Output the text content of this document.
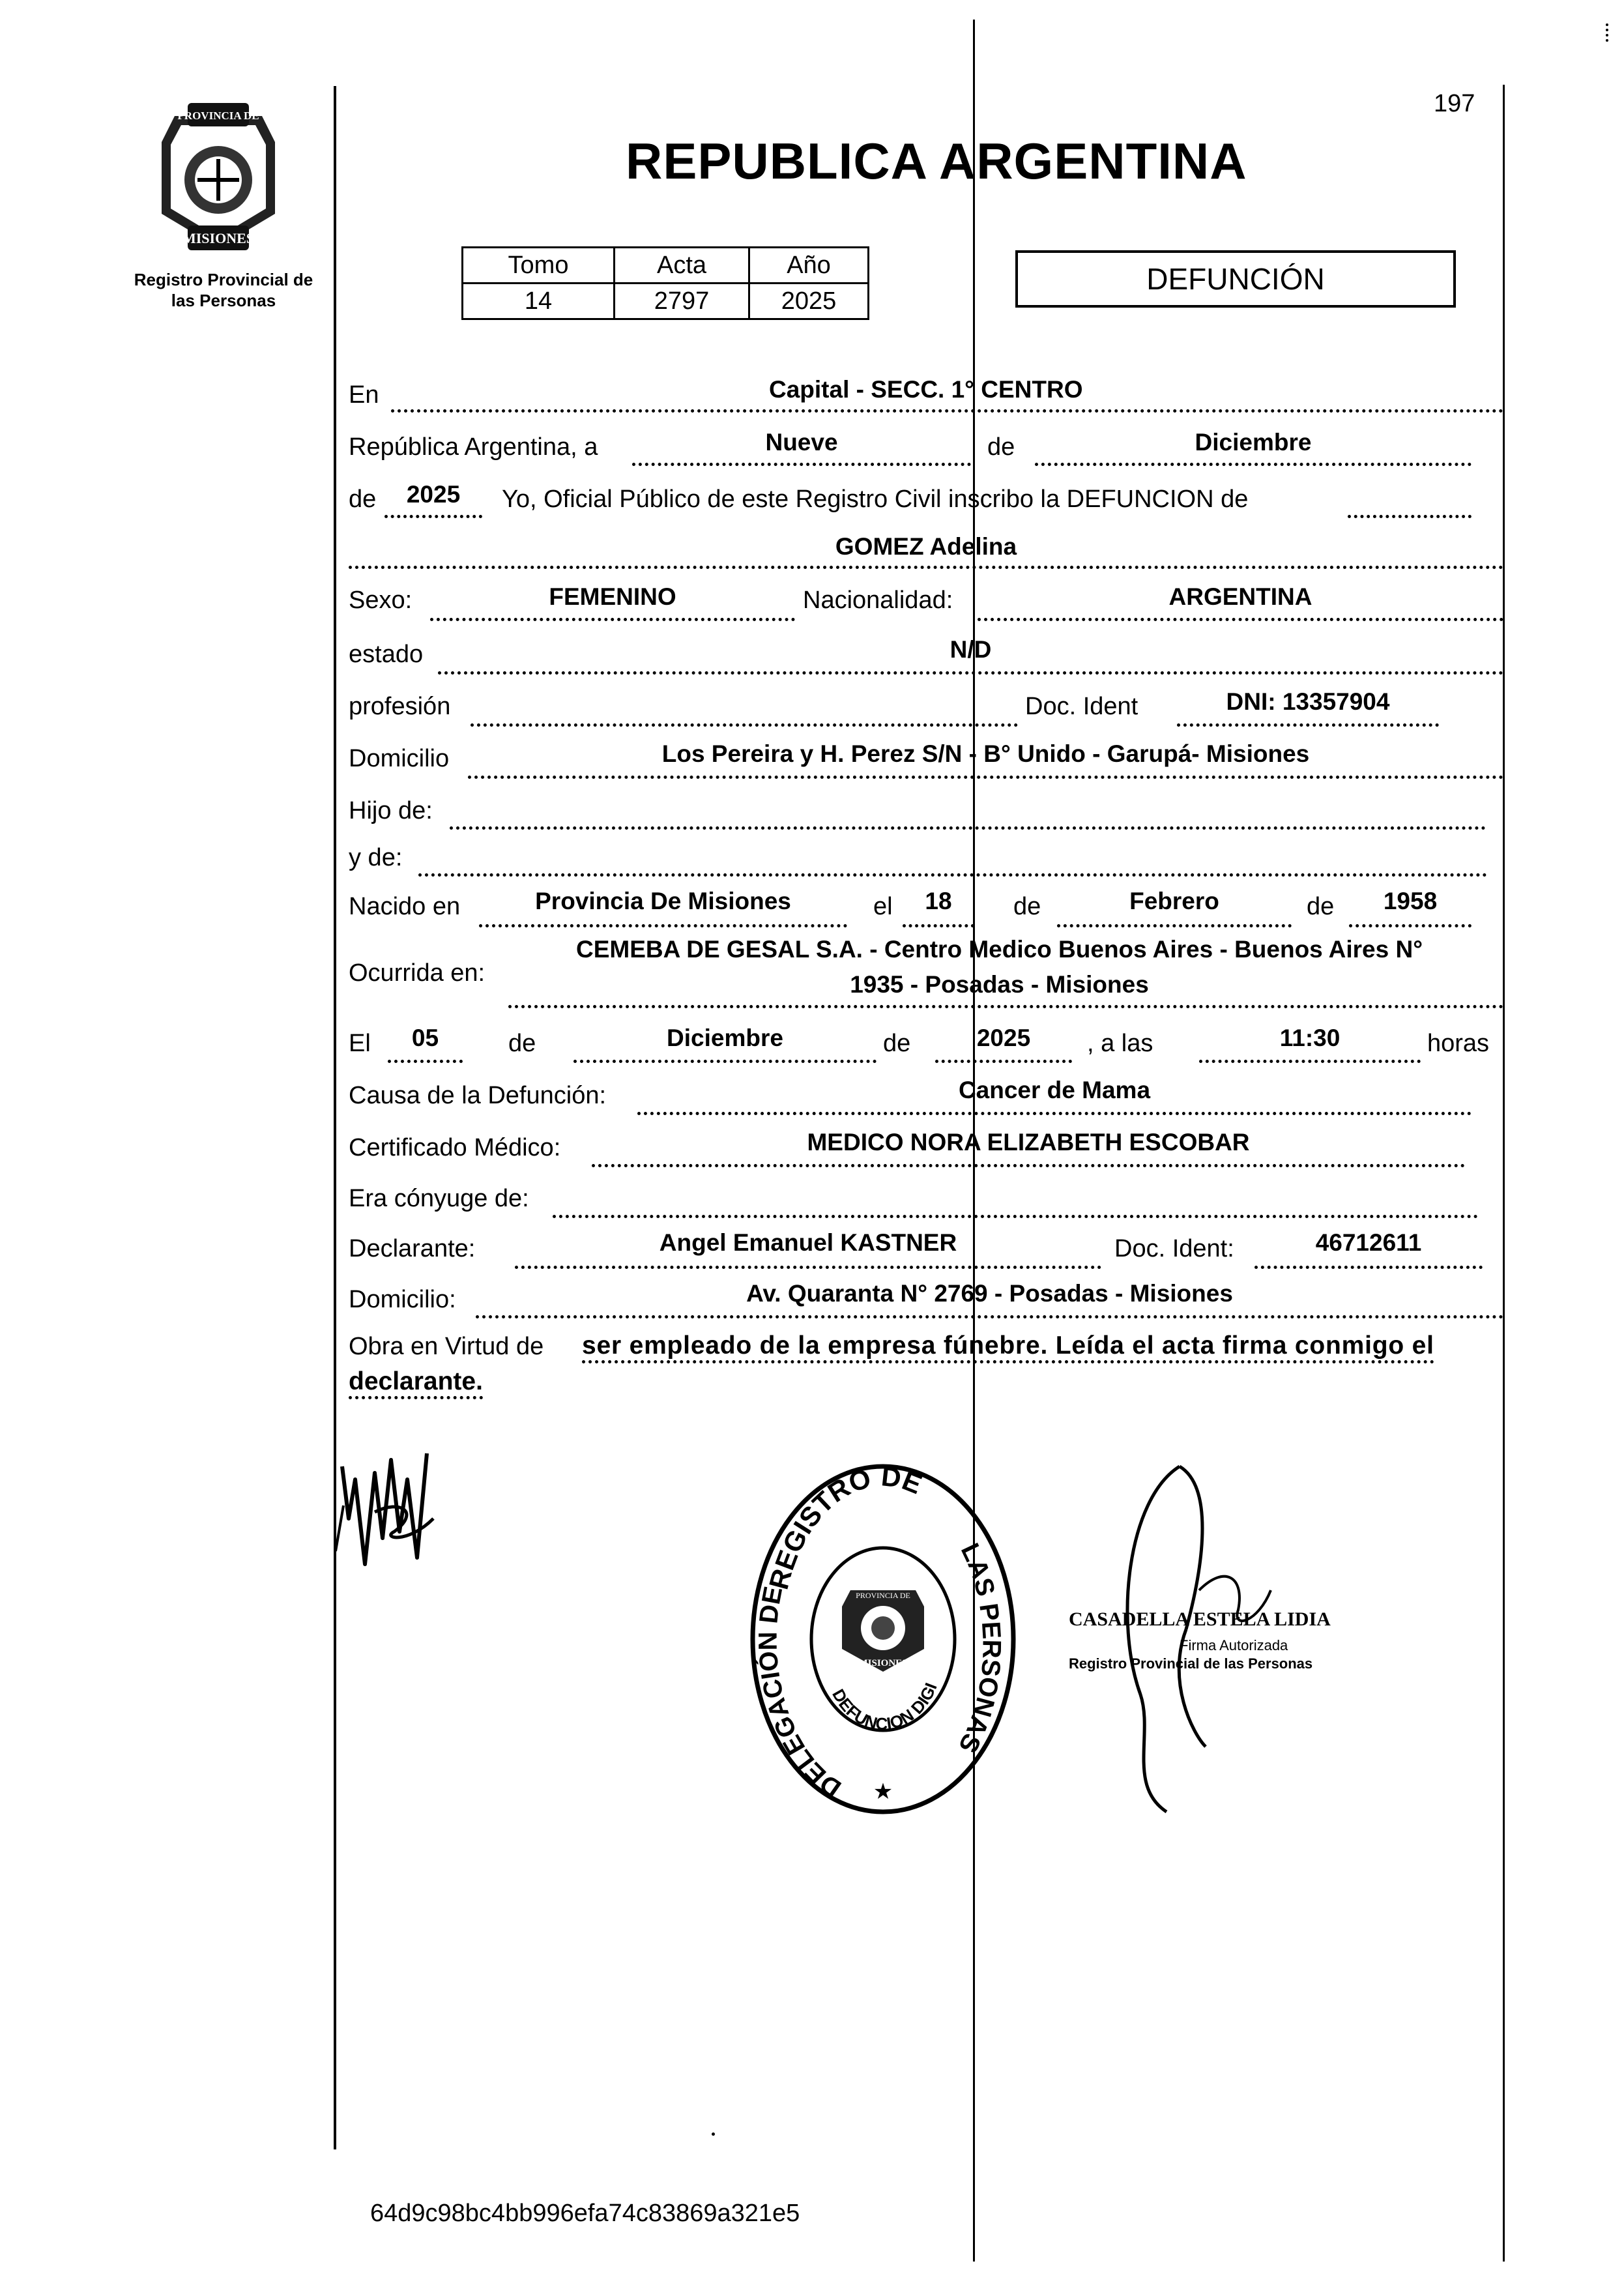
197
PROVINCIA DE
MISIONES
Registro Provincial de las Personas
REPUBLICA ARGENTINA
Tomo	Acta	Año
14	2797	2025
DEFUNCIÓN
En	Capital - SECC. 1° CENTRO
República Argentina, a	Nueve	de	Diciembre
de	2025	Yo, Oficial Público de este Registro Civil inscribo la DEFUNCION de
GOMEZ Adelina
Sexo:	FEMENINO	Nacionalidad:	ARGENTINA
estado	N/D
profesión	Doc. Ident	DNI: 13357904
Domicilio	Los Pereira y H. Perez S/N - B° Unido - Garupá- Misiones
Hijo de:
y de:
Nacido en	Provincia De Misiones	el	18	de	Febrero	de	1958
Ocurrida en:
CEMEBA DE GESAL S.A. - Centro Medico Buenos Aires - Buenos Aires N°
1935 - Posadas - Misiones
El	05	de	Diciembre	de	2025	, a las	11:30	horas
Causa de la Defunción:	Cancer de Mama
Certificado Médico:	MEDICO NORA ELIZABETH ESCOBAR
Era cónyuge de:
Declarante:	Angel Emanuel KASTNER	Doc. Ident:	46712611
Domicilio:	Av. Quaranta N° 2769 - Posadas - Misiones
Obra en Virtud de ser empleado de la empresa fúnebre. Leída el acta firma conmigo el
declarante.
REGISTRO DE
DELEGACIÓN DE
LAS PERSONAS
DEFUNCION DIGI
PROVINCIA DE
MISIONES
★
CASADELLA ESTELA LIDIA
Firma Autorizada
Registro Provincial de las Personas
64d9c98bc4bb996efa74c83869a321e5
